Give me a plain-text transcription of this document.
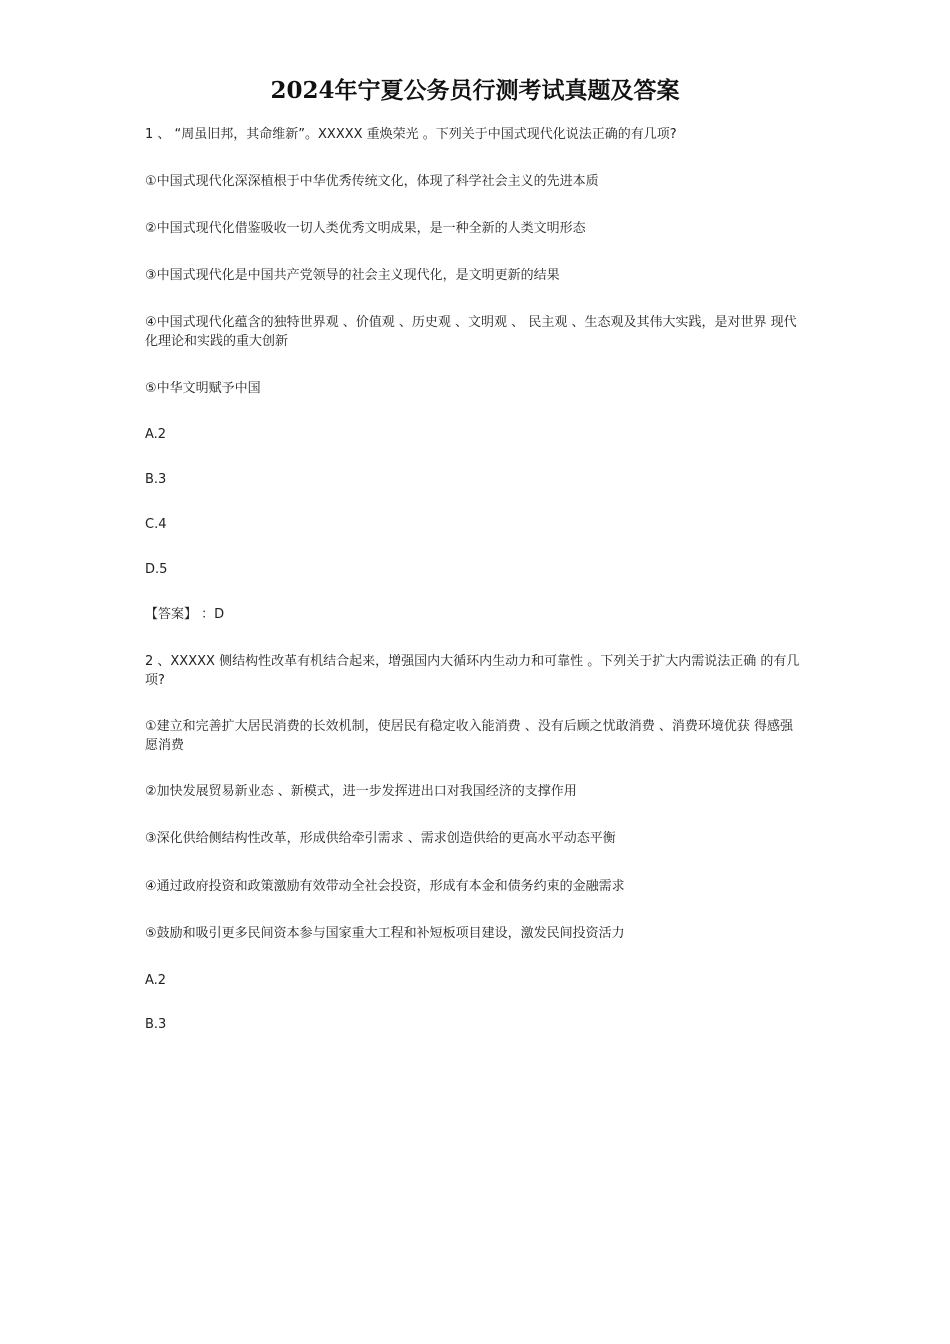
2024年宁夏公务员行测考试真题及答案
1 、 “周虽旧邦，其命维新”。XXXXX 重焕荣光 。下列关于中国式现代化说法正确的有几项?
①中国式现代化深深植根于中华优秀传统文化，体现了科学社会主义的先进本质
②中国式现代化借鉴吸收一切人类优秀文明成果，是一种全新的人类文明形态
③中国式现代化是中国共产党领导的社会主义现代化，是文明更新的结果
④中国式现代化蕴含的独特世界观 、价值观 、历史观 、文明观 、 民主观 、生态观及其伟大实践，是对世界 现代化理论和实践的重大创新
⑤中华文明赋予中国
A.2
B.3
C.4
D.5
【答案】 ：D
2 、XXXXX 侧结构性改革有机结合起来，增强国内大循环内生动力和可靠性 。下列关于扩大内需说法正确 的有几项?
①建立和完善扩大居民消费的长效机制，使居民有稳定收入能消费 、没有后顾之忧敢消费 、消费环境优获 得感强愿消费
②加快发展贸易新业态 、新模式，进一步发挥进出口对我国经济的支撑作用
③深化供给侧结构性改革，形成供给牵引需求 、需求创造供给的更高水平动态平衡
④通过政府投资和政策激励有效带动全社会投资，形成有本金和债务约束的金融需求
⑤鼓励和吸引更多民间资本参与国家重大工程和补短板项目建设，激发民间投资活力
A.2
B.3
